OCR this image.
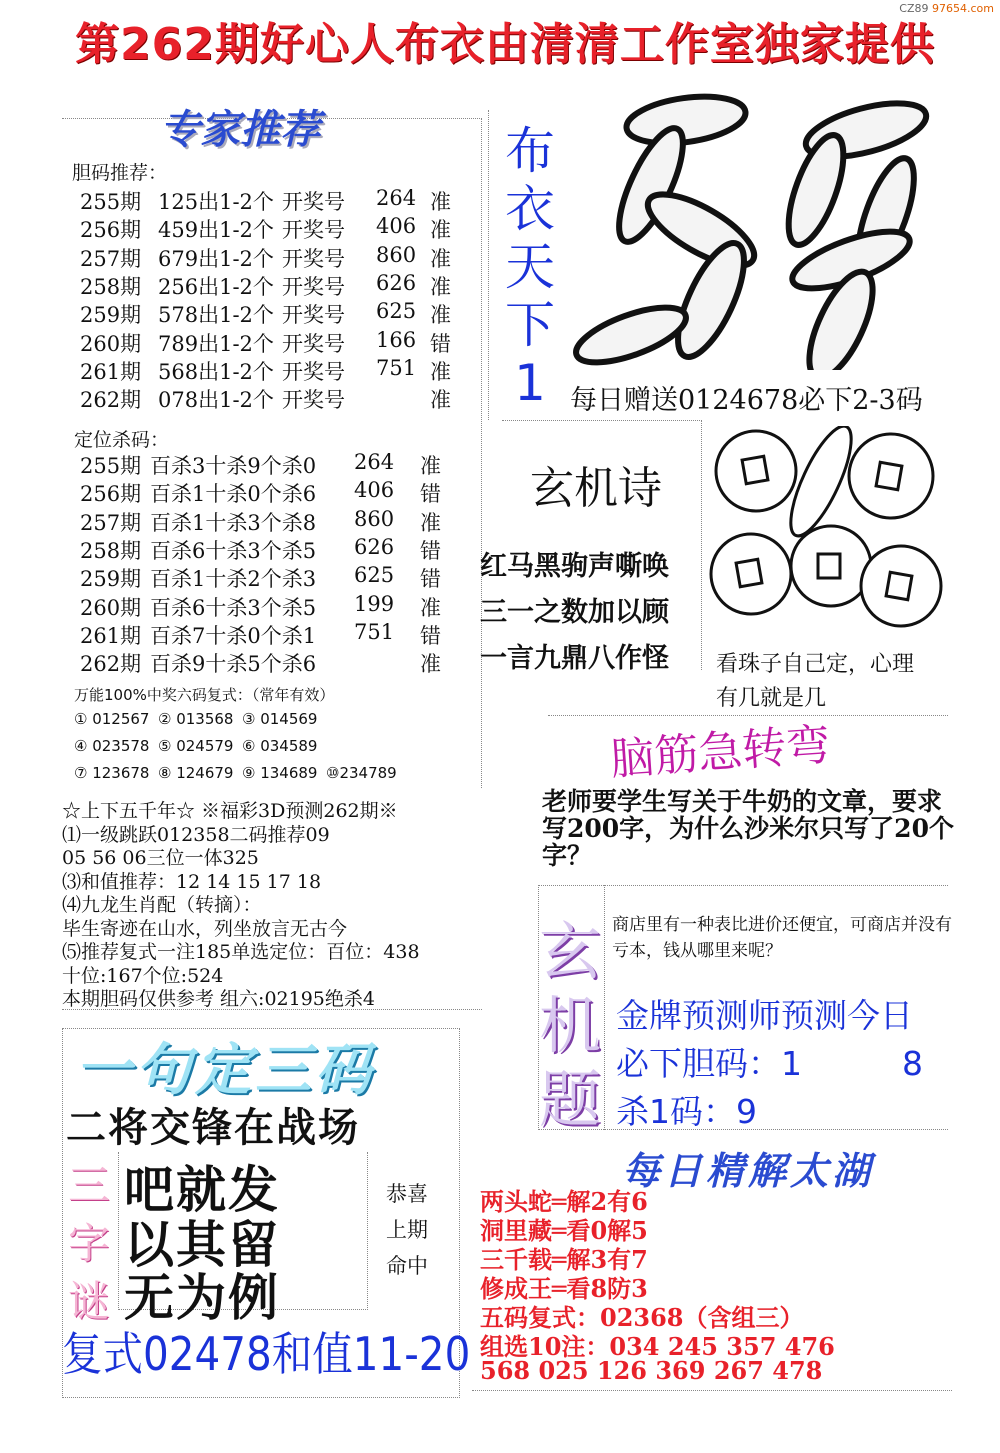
第262期好心人布衣由清清工作室独家提供
CZ89 97654.com
专家推荐
胆码推荐：
255期 125出1-2个 开奖号 264 准
256期 459出1-2个 开奖号 406 准
257期 679出1-2个 开奖号 860 准
258期 256出1-2个 开奖号 626 准
259期 578出1-2个 开奖号 625 准
260期 789出1-2个 开奖号 166 错
261期 568出1-2个 开奖号 751 准
262期 078出1-2个 开奖号	准
定位杀码：
255期 百杀3十杀9个杀0 264 准
256期 百杀1十杀0个杀6 406 错
257期 百杀1十杀3个杀8 860 准
258期 百杀6十杀3个杀5 626 错
259期 百杀1十杀2个杀3 625 错
260期 百杀6十杀3个杀5 199 准
261期 百杀7十杀0个杀1 751 错
262期 百杀9十杀5个杀6	准
万能100%中奖六码复式：（常年有效）
① 012567 ② 013568 ③ 014569
④ 023578 ⑤ 024579 ⑥ 034589
⑦ 123678 ⑧ 124679 ⑨ 134689 ⑩234789
☆上下五千年☆ ※福彩3D预测262期※
⑴一级跳跃012358二码推荐09
05 56 06三位一体325
⑶和值推荐：12 14 15 17 18
⑷九龙生肖配（转摘）：
毕生寄迹在山水，列坐放言无古今
⑸推荐复式一注185单选定位：百位：438
十位:167个位:524
本期胆码仅供参考 组六:02195绝杀4
布
衣
天
下
1
59
每日赠送0124678必下2-3码
玄机诗
红马黑驹声嘶唤
三一之数加以顾
一言九鼎八作怪 看珠子自己定，心理
有几就是几
脑筋急转弯
老师要学生写关于牛奶的文章，要求写200字，为什么沙米尔只写了20个字？
玄
机
题
商店里有一种表比进价还便宜，可商店并没有亏本，钱从哪里来呢？
金牌预测师预测今日
必下胆码：1	8
杀1码：9
每日精解太湖
两头蛇═解2有6
洞里藏═看0解5
三千载═解3有7
修成王═看8防3
五码复式：02368（含组三）
组选10注：034 245 357 476
568 025 126 369 267 478
一句定三码
二将交锋在战场
三
字
谜
吧就发
以其留
无为例
恭喜
上期
命中
复式02478和值11-20
